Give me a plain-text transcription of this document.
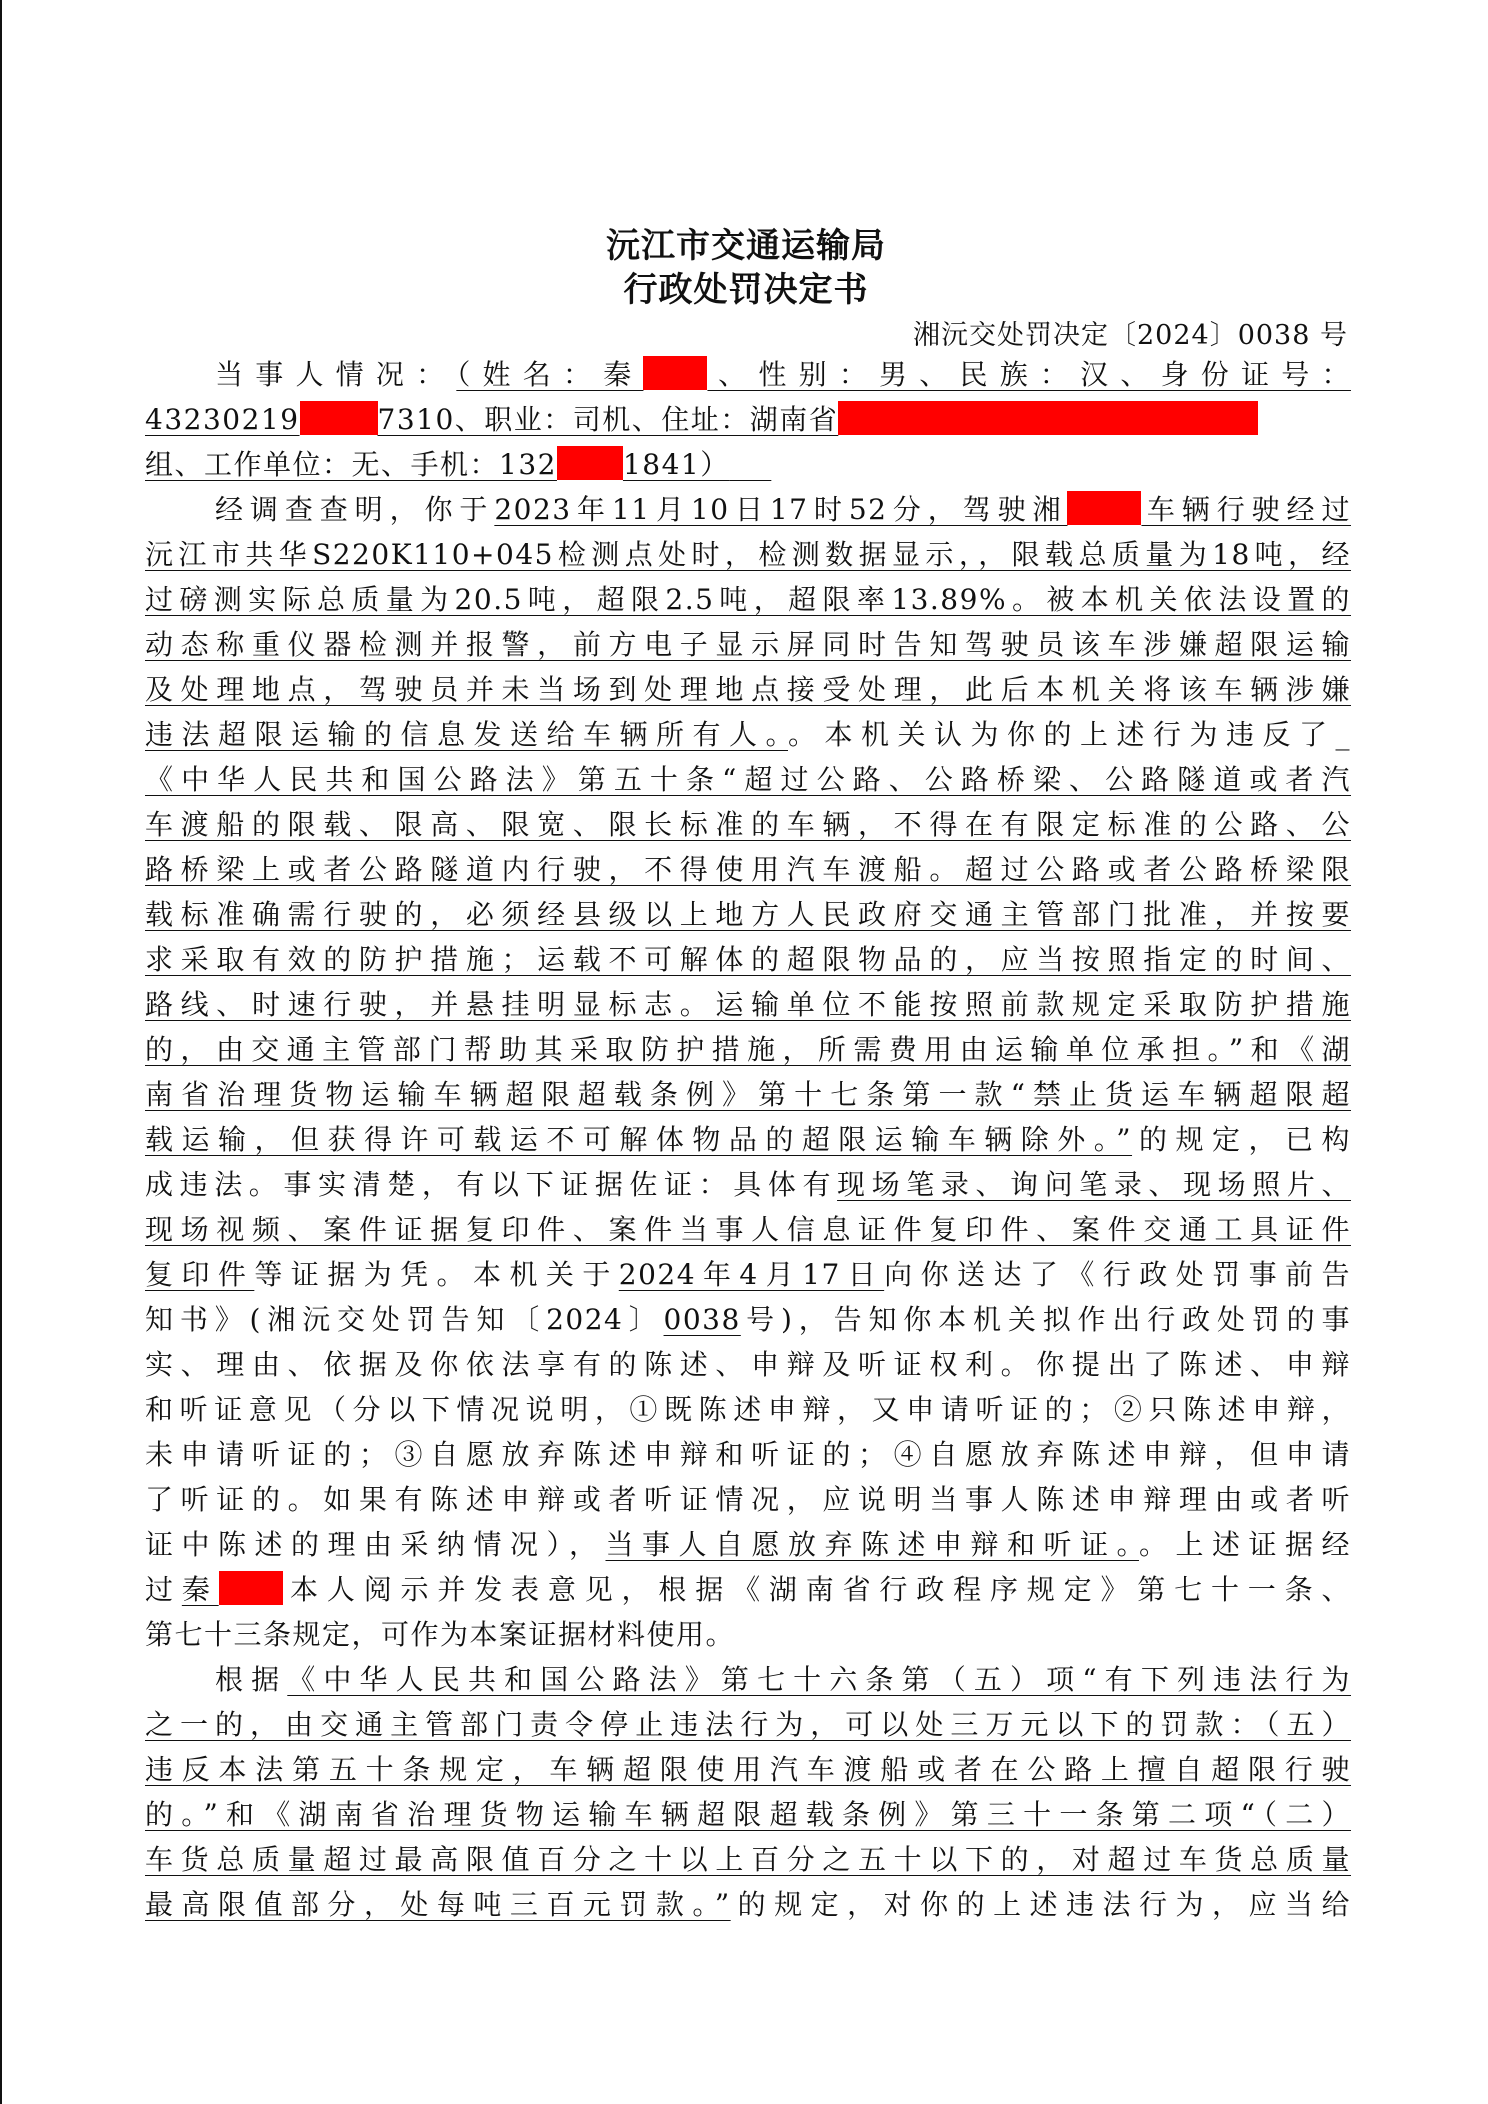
沅江市交通运输局
行政处罚决定书
湘沅交处罚决定〔2024〕0038 号
当事人情况：（姓名：秦 、性别：男、民族：汉、身份证号：
43230219	7310、职业：司机、住址：湖南省
组、工作单位：无、手机：132 1841）
经调查查明，你于2023年11月10日17时52分，驾驶湘	车辆行驶经过
沅江市共华S220K110+045检测点处时，检测数据显示，，限载总质量为18吨，经
过磅测实际总质量为20.5吨，超限2.5吨，超限率13.89%。被本机关依法设置的
动态称重仪器检测并报警，前方电子显示屏同时告知驾驶员该车涉嫌超限运输
及处理地点，驾驶员并未当场到处理地点接受处理，此后本机关将该车辆涉嫌
违法超限运输的信息发送给车辆所有人。。本机关认为你的上述行为违反了_
《中华人民共和国公路法》第五十条“超过公路、公路桥梁、公路隧道或者汽
车渡船的限载、限高、限宽、限长标准的车辆，不得在有限定标准的公路、公
路桥梁上或者公路隧道内行驶，不得使用汽车渡船。超过公路或者公路桥梁限
载标准确需行驶的，必须经县级以上地方人民政府交通主管部门批准，并按要
求采取有效的防护措施；运载不可解体的超限物品的，应当按照指定的时间、
路线、时速行驶，并悬挂明显标志。运输单位不能按照前款规定采取防护措施
的，由交通主管部门帮助其采取防护措施，所需费用由运输单位承担。”和《湖
南省治理货物运输车辆超限超载条例》第十七条第一款“禁止货运车辆超限超
载运输，但获得许可载运不可解体物品的超限运输车辆除外。”的规定，已构
成违法。事实清楚，有以下证据佐证：具体有现场笔录、询问笔录、现场照片、
现场视频、案件证据复印件、案件当事人信息证件复印件、案件交通工具证件
复印件等证据为凭。本机关于2024年4月17日向你送达了《行政处罚事前告
知书》(湘沅交处罚告知〔2024〕0038号)，告知你本机关拟作出行政处罚的事
实、理由、依据及你依法享有的陈述、申辩及听证权利。你提出了陈述、申辩
和听证意见（分以下情况说明，①既陈述申辩，又申请听证的；②只陈述申辩，
未申请听证的；③自愿放弃陈述申辩和听证的；④自愿放弃陈述申辩，但申请
了听证的。如果有陈述申辩或者听证情况，应说明当事人陈述申辩理由或者听
证中陈述的理由采纳情况），当事人自愿放弃陈述申辩和听证。。上述证据经
过秦 本人阅示并发表意见，根据《湖南省行政程序规定》第七十一条、
第七十三条规定，可作为本案证据材料使用。
根据《中华人民共和国公路法》第七十六条第（五）项“有下列违法行为
之一的，由交通主管部门责令停止违法行为，可以处三万元以下的罚款：（五）
违反本法第五十条规定，车辆超限使用汽车渡船或者在公路上擅自超限行驶
的。”和《湖南省治理货物运输车辆超限超载条例》第三十一条第二项“（二）
车货总质量超过最高限值百分之十以上百分之五十以下的，对超过车货总质量
最高限值部分，处每吨三百元罚款。”的规定，对你的上述违法行为，应当给
